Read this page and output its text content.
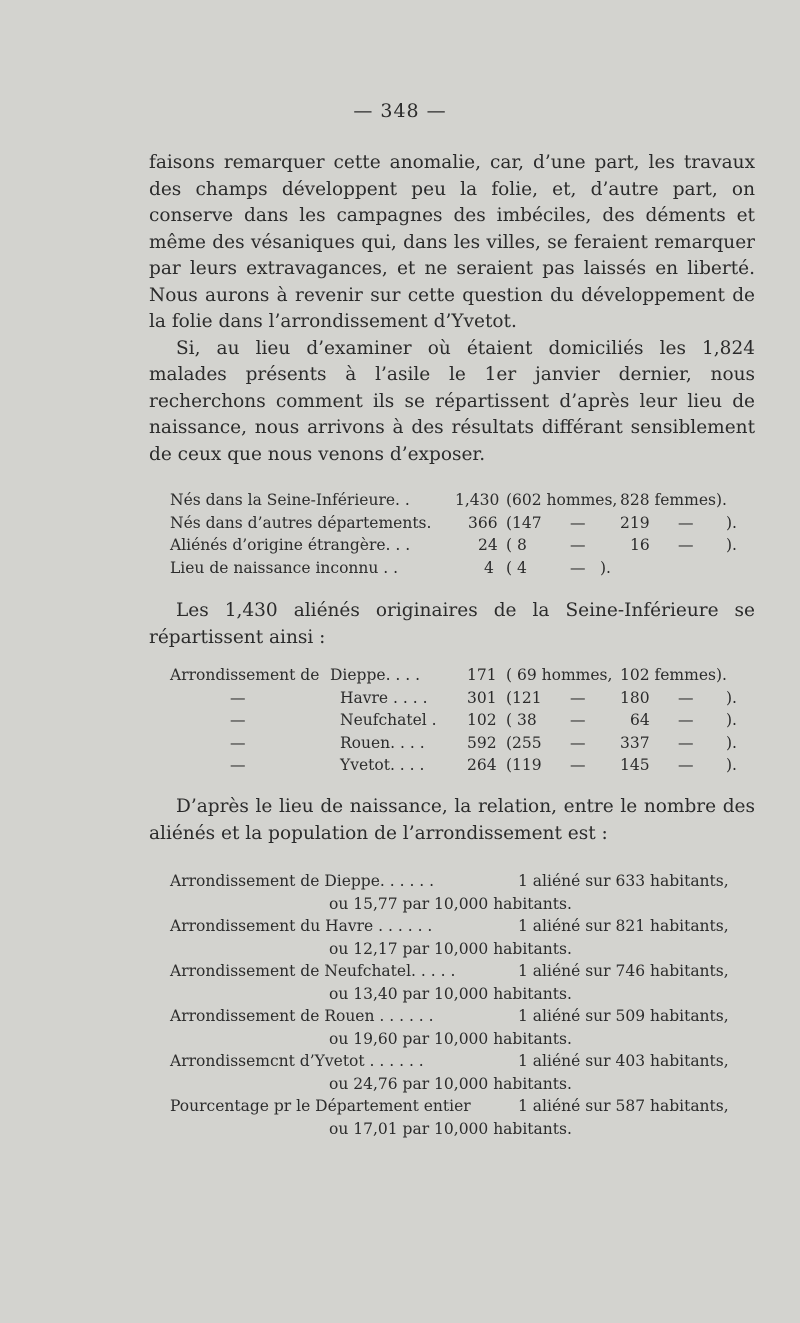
— 348 —

faisons remarquer cette anomalie, car, d’une part, les travaux des champs développent peu la folie, et, d’autre part, on conserve dans les campagnes des imbéciles, des déments et même des vésaniques qui, dans les villes, se feraient remarquer par leurs extravagances, et ne seraient pas laissés en liberté. Nous aurons à revenir sur cette question du développement de la folie dans l’arrondissement d’Yvetot.

Si, au lieu d’examiner où étaient domiciliés les 1,824 malades présents à l’asile le 1er janvier dernier, nous recherchons comment ils se répartissent d’après leur lieu de naissance, nous arrivons à des résultats différant sensiblement de ceux que nous venons d’exposer.

Nés dans la Seine-Inférieure. .	1,430 (602 hommes, 828 femmes).
Nés dans d’autres départements. 366 (147 — 219 — ).
Aliénés d’origine étrangère. . .	24 ( 8	—	16 — ).
Lieu de naissance inconnu . .	4 ( 4	— ).

Les 1,430 aliénés originaires de la Seine-Inférieure se répartissent ainsi :

Arrondissement de Dieppe. . . .	171 ( 69 hommes, 102 femmes).
—	Havre . . . .	301 (121 — 180 — ).
—	Neufchatel . 102 ( 38 —	64 — ).
—	Rouen. . . .	592 (255 — 337 — ).
—	Yvetot. . . .	264 (119 — 145 — ).

D’après le lieu de naissance, la relation, entre le nombre des aliénés et la population de l’arrondissement est :

Arrondissement de Dieppe. . . . . .	1 aliéné sur 633 habitants,
ou 15,77 par 10,000 habitants.
Arrondissement du Havre . . . . . .	1 aliéné sur 821 habitants,
ou 12,17 par 10,000 habitants.
Arrondissement de Neufchatel. . . . .	1 aliéné sur 746 habitants,
ou 13,40 par 10,000 habitants.
Arrondissement de Rouen . . . . . .	1 aliéné sur 509 habitants,
ou 19,60 par 10,000 habitants.
Arrondissemcnt d’Yvetot . . . . . .	1 aliéné sur 403 habitants,
ou 24,76 par 10,000 habitants.
Pourcentage pr le Département entier	1 aliéné sur 587 habitants,
ou 17,01 par 10,000 habitants.
